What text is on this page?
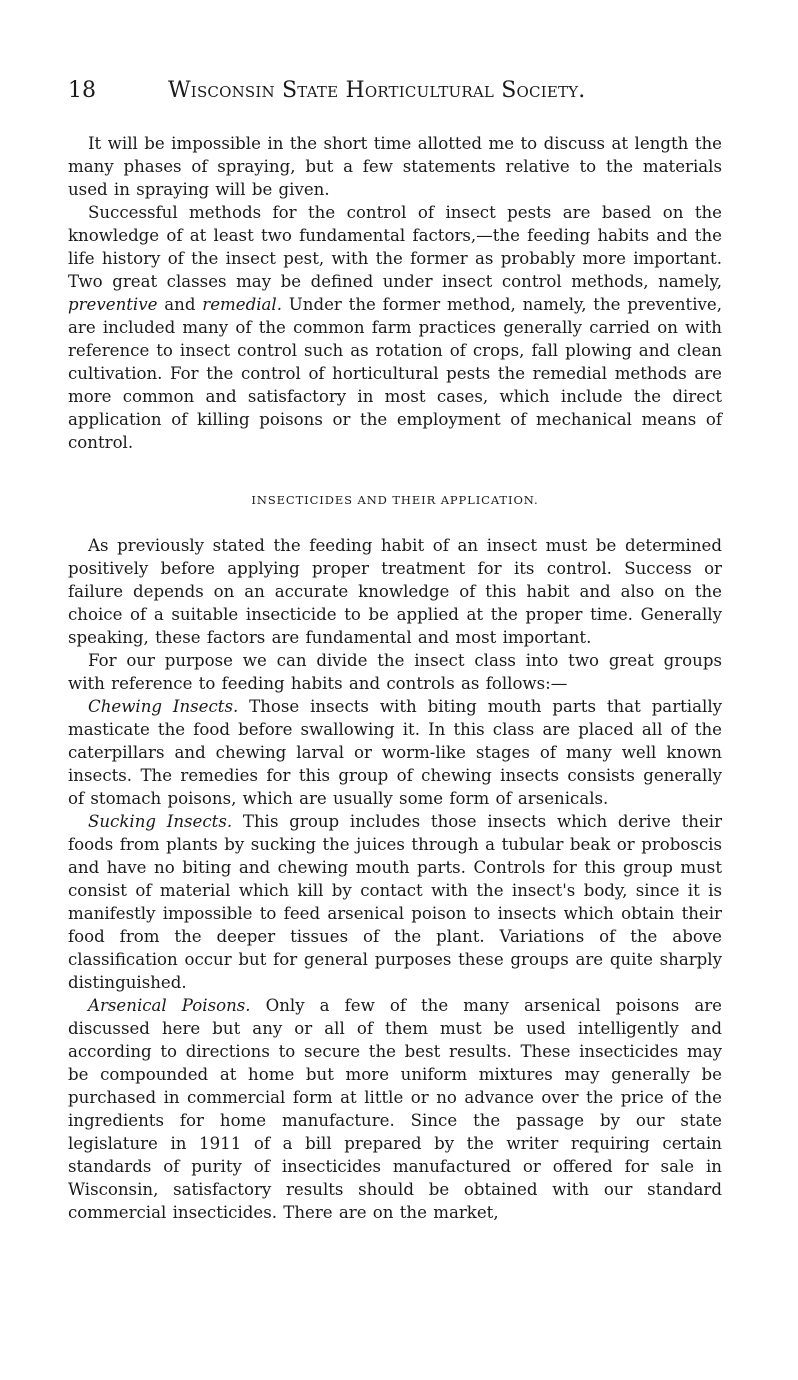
18	Wisconsin State Horticultural Society.

It will be impossible in the short time allotted me to discuss at length the many phases of spraying, but a few statements relative to the materials used in spraying will be given.

Successful methods for the control of insect pests are based on the knowledge of at least two fundamental factors,—the feeding habits and the life history of the insect pest, with the former as probably more important. Two great classes may be defined under insect control methods, namely, preventive and remedial. Under the former method, namely, the preventive, are included many of the common farm practices generally carried on with reference to insect control such as rotation of crops, fall plowing and clean cultivation. For the control of horticultural pests the remedial methods are more common and satisfactory in most cases, which include the direct application of killing poisons or the employment of mechanical means of control.

INSECTICIDES AND THEIR APPLICATION.

As previously stated the feeding habit of an insect must be determined positively before applying proper treatment for its control. Success or failure depends on an accurate knowledge of this habit and also on the choice of a suitable insecticide to be applied at the proper time. Generally speaking, these factors are fundamental and most important.

For our purpose we can divide the insect class into two great groups with reference to feeding habits and controls as follows:—

Chewing Insects. Those insects with biting mouth parts that partially masticate the food before swallowing it. In this class are placed all of the caterpillars and chewing larval or worm-like stages of many well known insects. The remedies for this group of chewing insects consists generally of stomach poisons, which are usually some form of arsenicals.

Sucking Insects. This group includes those insects which derive their foods from plants by sucking the juices through a tubular beak or proboscis and have no biting and chewing mouth parts. Controls for this group must consist of material which kill by contact with the insect's body, since it is manifestly impossible to feed arsenical poison to insects which obtain their food from the deeper tissues of the plant. Variations of the above classification occur but for general purposes these groups are quite sharply distinguished.

Arsenical Poisons. Only a few of the many arsenical poisons are discussed here but any or all of them must be used intelligently and according to directions to secure the best results. These insecticides may be compounded at home but more uniform mixtures may generally be purchased in commercial form at little or no advance over the price of the ingredients for home manufacture. Since the passage by our state legislature in 1911 of a bill prepared by the writer requiring certain standards of purity of insecticides manufactured or offered for sale in Wisconsin, satisfactory results should be obtained with our standard commercial insecticides. There are on the market,
